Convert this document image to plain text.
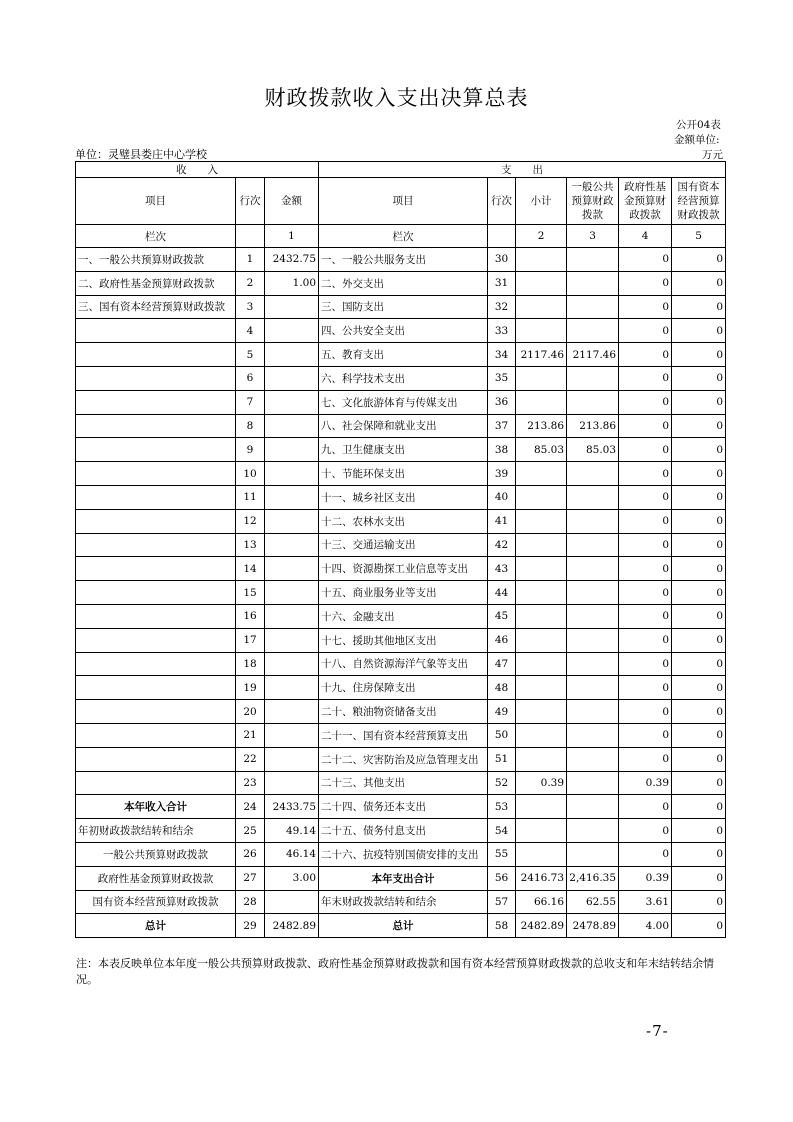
财政拨款收入支出决算总表
公开04表
金额单位:
单位：灵璧县娄庄中心学校	万元
收　　入			支　　出					
项目	行次	金额	项目	行次	小计	一般公共预算财政拨款	政府性基金预算财政拨款	国有资本经营预算财政拨款
栏次		1	栏次		2	3	4	5
一、一般公共预算财政拨款	1	2432.75	一、一般公共服务支出	30			0	0
二、政府性基金预算财政拨款	2	1.00	二、外交支出	31			0	0
三、国有资本经营预算财政拨款	3		三、国防支出	32			0	0
	4		四、公共安全支出	33			0	0
	5		五、教育支出	34	2117.46	2117.46	0	0
	6		六、科学技术支出	35			0	0
	7		七、文化旅游体育与传媒支出	36			0	0
	8		八、社会保障和就业支出	37	213.86	213.86	0	0
	9		九、卫生健康支出	38	85.03	85.03	0	0
	10		十、节能环保支出	39			0	0
	11		十一、城乡社区支出	40			0	0
	12		十二、农林水支出	41			0	0
	13		十三、交通运输支出	42			0	0
	14		十四、资源勘探工业信息等支出	43			0	0
	15		十五、商业服务业等支出	44			0	0
	16		十六、金融支出	45			0	0
	17		十七、援助其他地区支出	46			0	0
	18		十八、自然资源海洋气象等支出	47			0	0
	19		十九、住房保障支出	48			0	0
	20		二十、粮油物资储备支出	49			0	0
	21		二十一、国有资本经营预算支出	50			0	0
	22		二十二、灾害防治及应急管理支出	51			0	0
	23		二十三、其他支出	52	0.39		0.39	0
本年收入合计	24	2433.75	二十四、债务还本支出	53			0	0
年初财政拨款结转和结余	25	49.14	二十五、债务付息支出	54			0	0
一般公共预算财政拨款	26	46.14	二十六、抗疫特别国债安排的支出	55			0	0
政府性基金预算财政拨款	27	3.00	本年支出合计	56	2416.73	2,416.35	0.39	0
国有资本经营预算财政拨款	28		年末财政拨款结转和结余	57	66.16	62.55	3.61	0
总计	29	2482.89	总计	58	2482.89	2478.89	4.00	0
注：本表反映单位本年度一般公共预算财政拨款、政府性基金预算财政拨款和国有资本经营预算财政拨款的总收支和年末结转结余情况。
-7-
